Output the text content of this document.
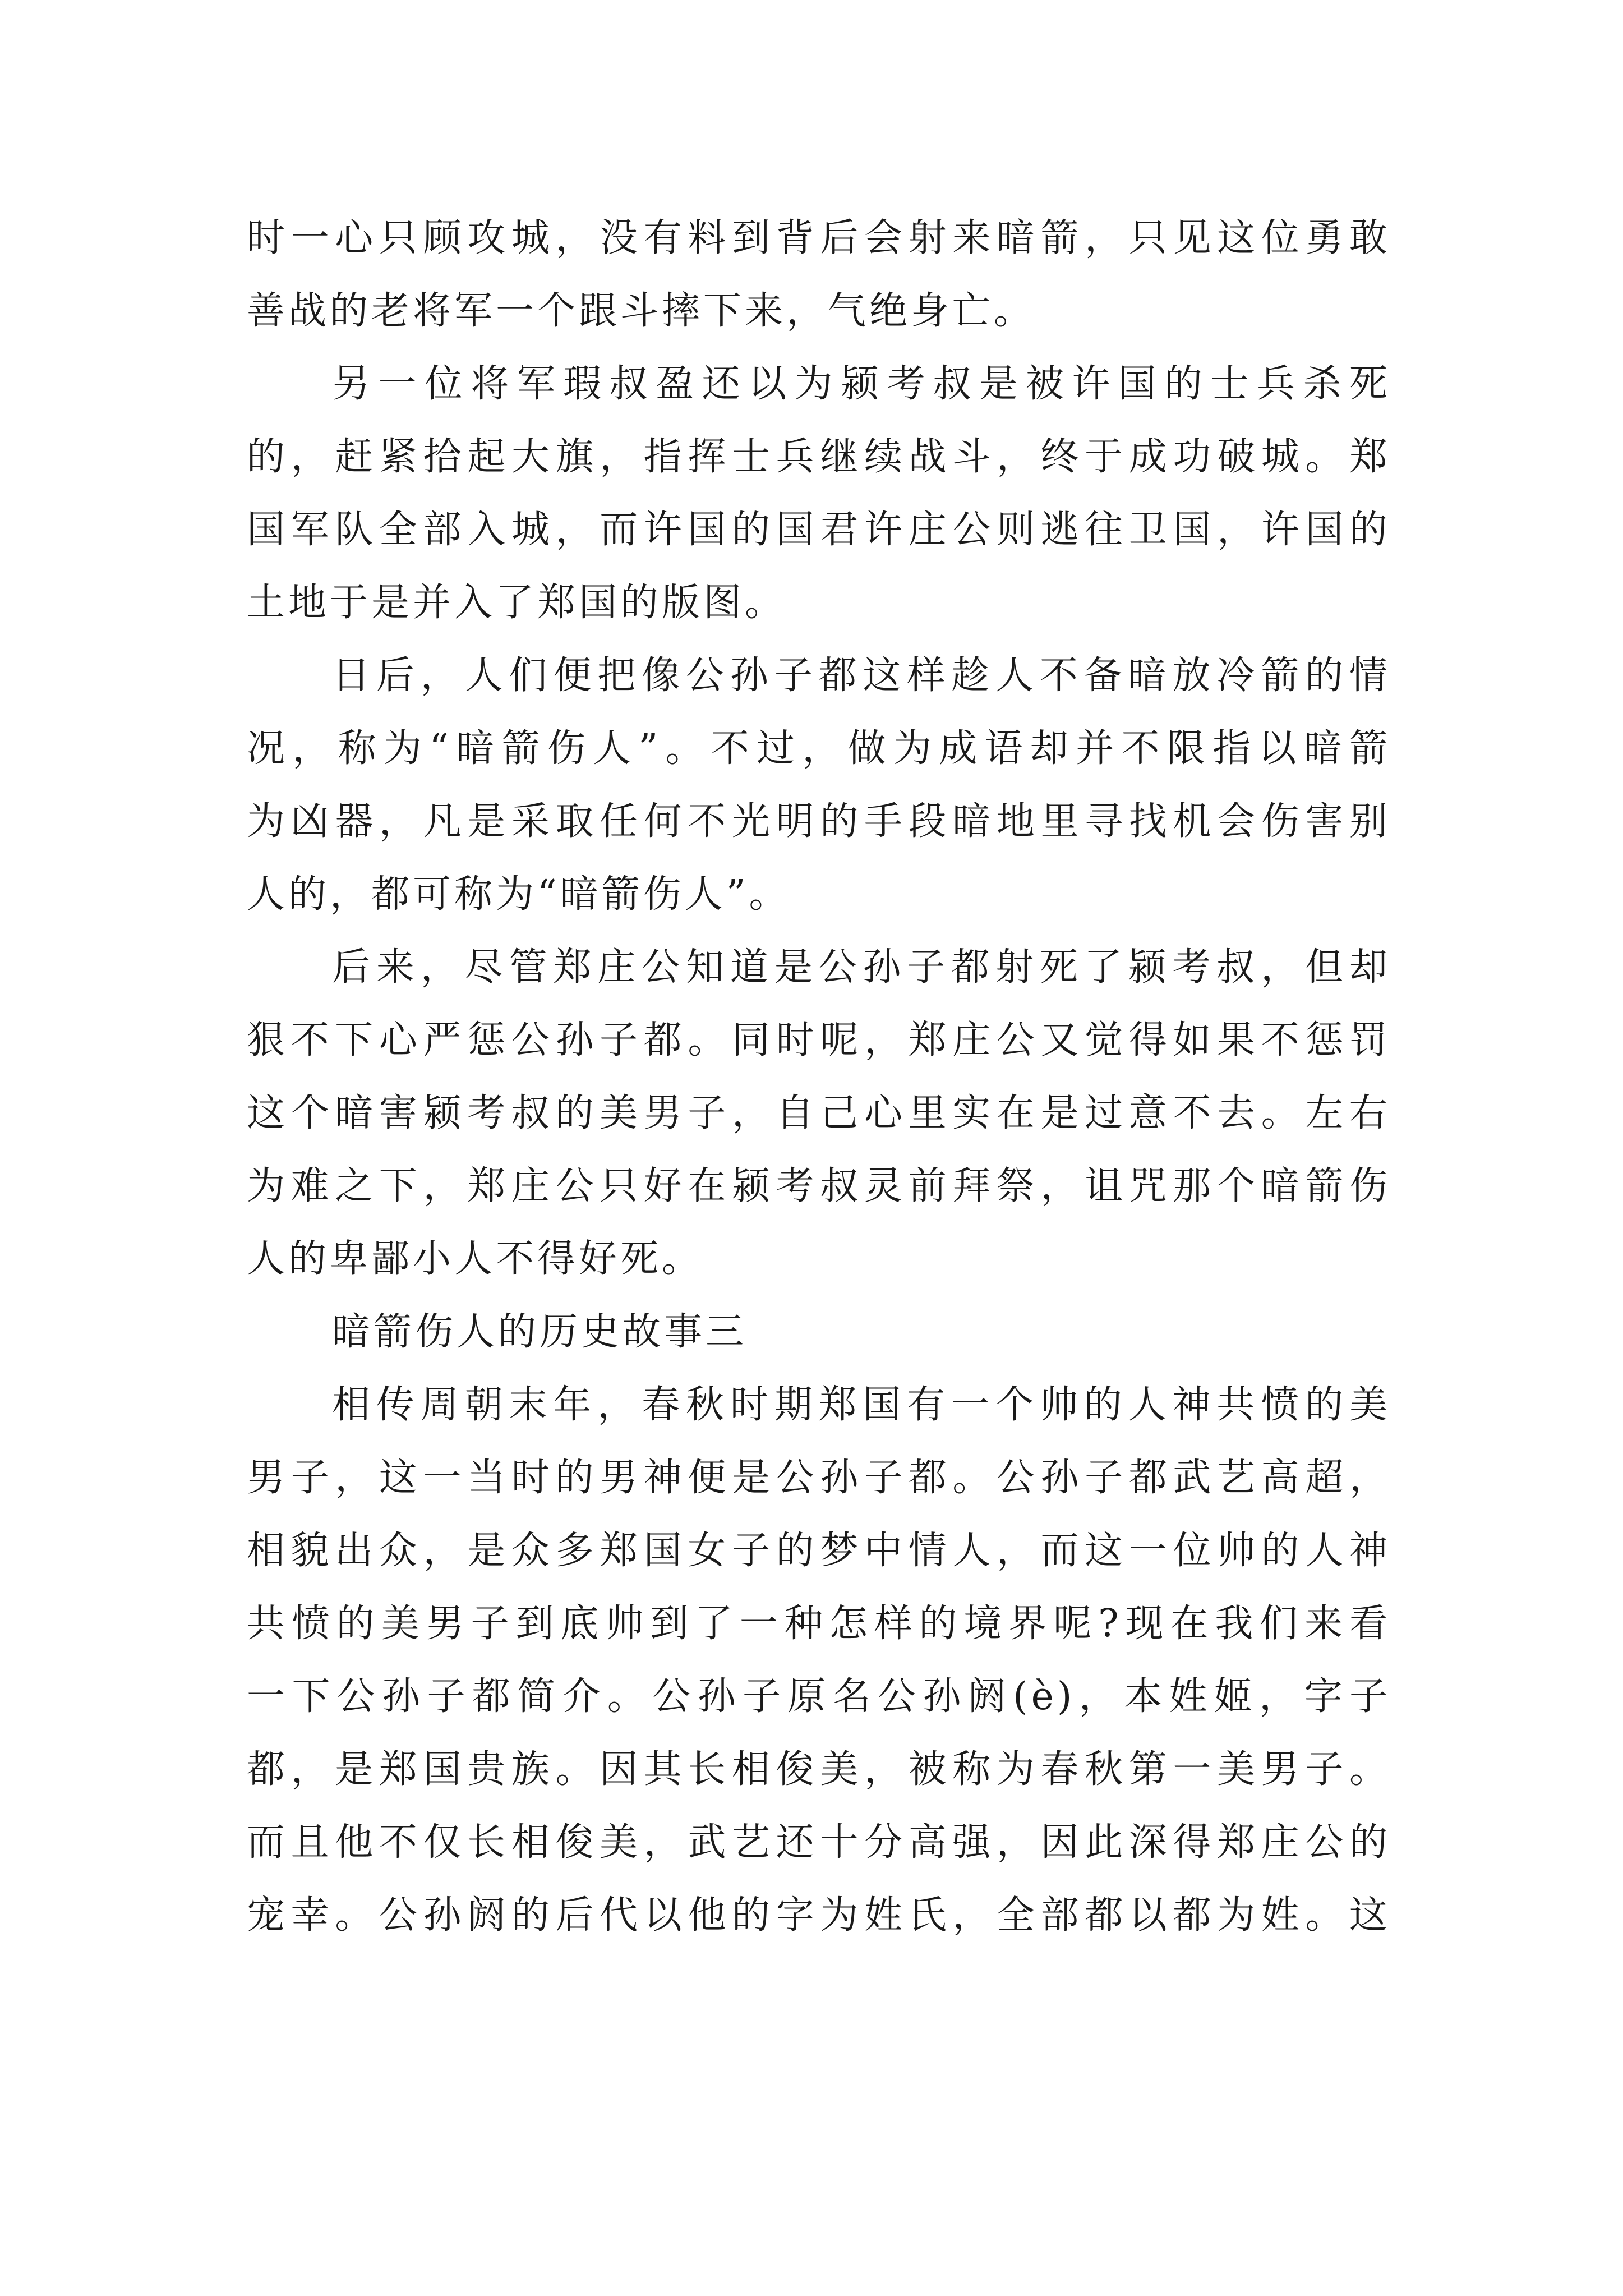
时一心只顾攻城，没有料到背后会射来暗箭，只见这位勇敢
善战的老将军一个跟斗摔下来，气绝身亡。
另一位将军瑕叔盈还以为颍考叔是被许国的士兵杀死
的，赶紧拾起大旗，指挥士兵继续战斗，终于成功破城。郑
国军队全部入城，而许国的国君许庄公则逃往卫国，许国的
土地于是并入了郑国的版图。
日后，人们便把像公孙子都这样趁人不备暗放冷箭的情
况，称为“暗箭伤人”。不过，做为成语却并不限指以暗箭
为凶器，凡是采取任何不光明的手段暗地里寻找机会伤害别
人的，都可称为“暗箭伤人”。
后来，尽管郑庄公知道是公孙子都射死了颍考叔，但却
狠不下心严惩公孙子都。同时呢，郑庄公又觉得如果不惩罚
这个暗害颍考叔的美男子，自己心里实在是过意不去。左右
为难之下，郑庄公只好在颍考叔灵前拜祭，诅咒那个暗箭伤
人的卑鄙小人不得好死。
暗箭伤人的历史故事三
相传周朝末年，春秋时期郑国有一个帅的人神共愤的美
男子，这一当时的男神便是公孙子都。公孙子都武艺高超，
相貌出众，是众多郑国女子的梦中情人，而这一位帅的人神
共愤的美男子到底帅到了一种怎样的境界呢?现在我们来看
一下公孙子都简介。公孙子原名公孙阏(è)，本姓姬，字子
都，是郑国贵族。因其长相俊美，被称为春秋第一美男子。
而且他不仅长相俊美，武艺还十分高强，因此深得郑庄公的
宠幸。公孙阏的后代以他的字为姓氏，全部都以都为姓。这
